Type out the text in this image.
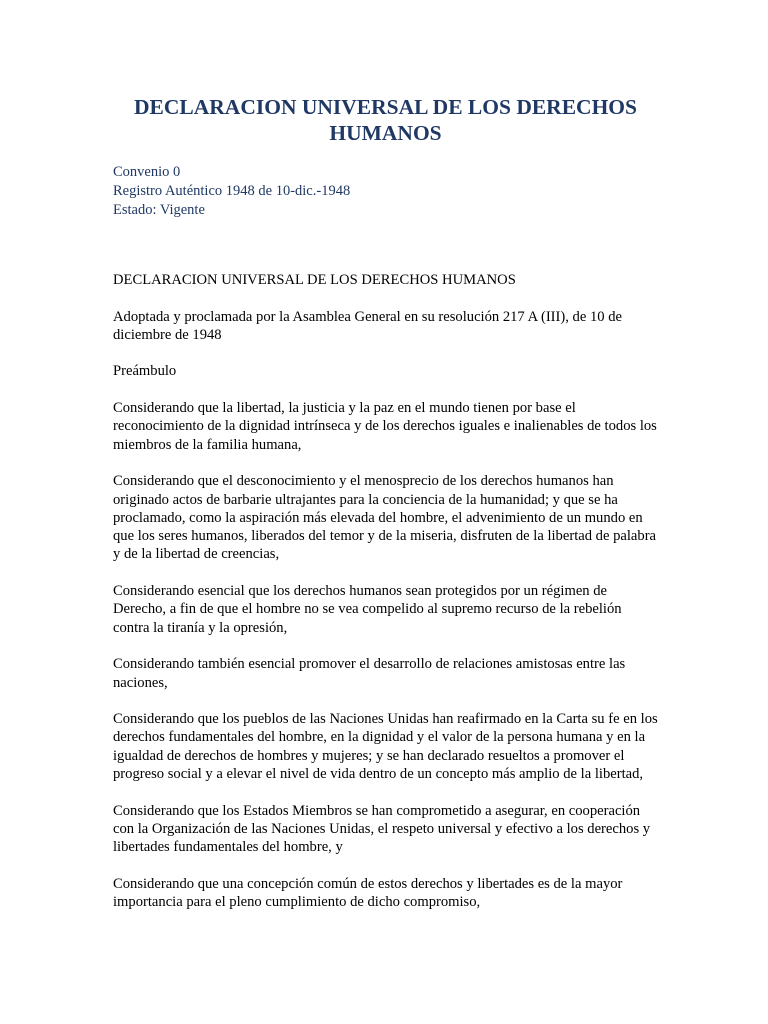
DECLARACION UNIVERSAL DE LOS DERECHOS HUMANOS
Convenio 0
Registro Auténtico 1948 de 10-dic.-1948
Estado: Vigente

DECLARACION UNIVERSAL DE LOS DERECHOS HUMANOS

Adoptada y proclamada por la Asamblea General en su resolución 217 A (III), de 10 de diciembre de 1948

Preámbulo

Considerando que la libertad, la justicia y la paz en el mundo tienen por base el reconocimiento de la dignidad intrínseca y de los derechos iguales e inalienables de todos los miembros de la familia humana,

Considerando que el desconocimiento y el menosprecio de los derechos humanos han originado actos de barbarie ultrajantes para la conciencia de la humanidad; y que se ha proclamado, como la aspiración más elevada del hombre, el advenimiento de un mundo en que los seres humanos, liberados del temor y de la miseria, disfruten de la libertad de palabra y de la libertad de creencias,

Considerando esencial que los derechos humanos sean protegidos por un régimen de Derecho, a fin de que el hombre no se vea compelido al supremo recurso de la rebelión contra la tiranía y la opresión,

Considerando también esencial promover el desarrollo de relaciones amistosas entre las naciones,

Considerando que los pueblos de las Naciones Unidas han reafirmado en la Carta su fe en los derechos fundamentales del hombre, en la dignidad y el valor de la persona humana y en la igualdad de derechos de hombres y mujeres; y se han declarado resueltos a promover el progreso social y a elevar el nivel de vida dentro de un concepto más amplio de la libertad,

Considerando que los Estados Miembros se han comprometido a asegurar, en cooperación con la Organización de las Naciones Unidas, el respeto universal y efectivo a los derechos y libertades fundamentales del hombre, y

Considerando que una concepción común de estos derechos y libertades es de la mayor importancia para el pleno cumplimiento de dicho compromiso,
